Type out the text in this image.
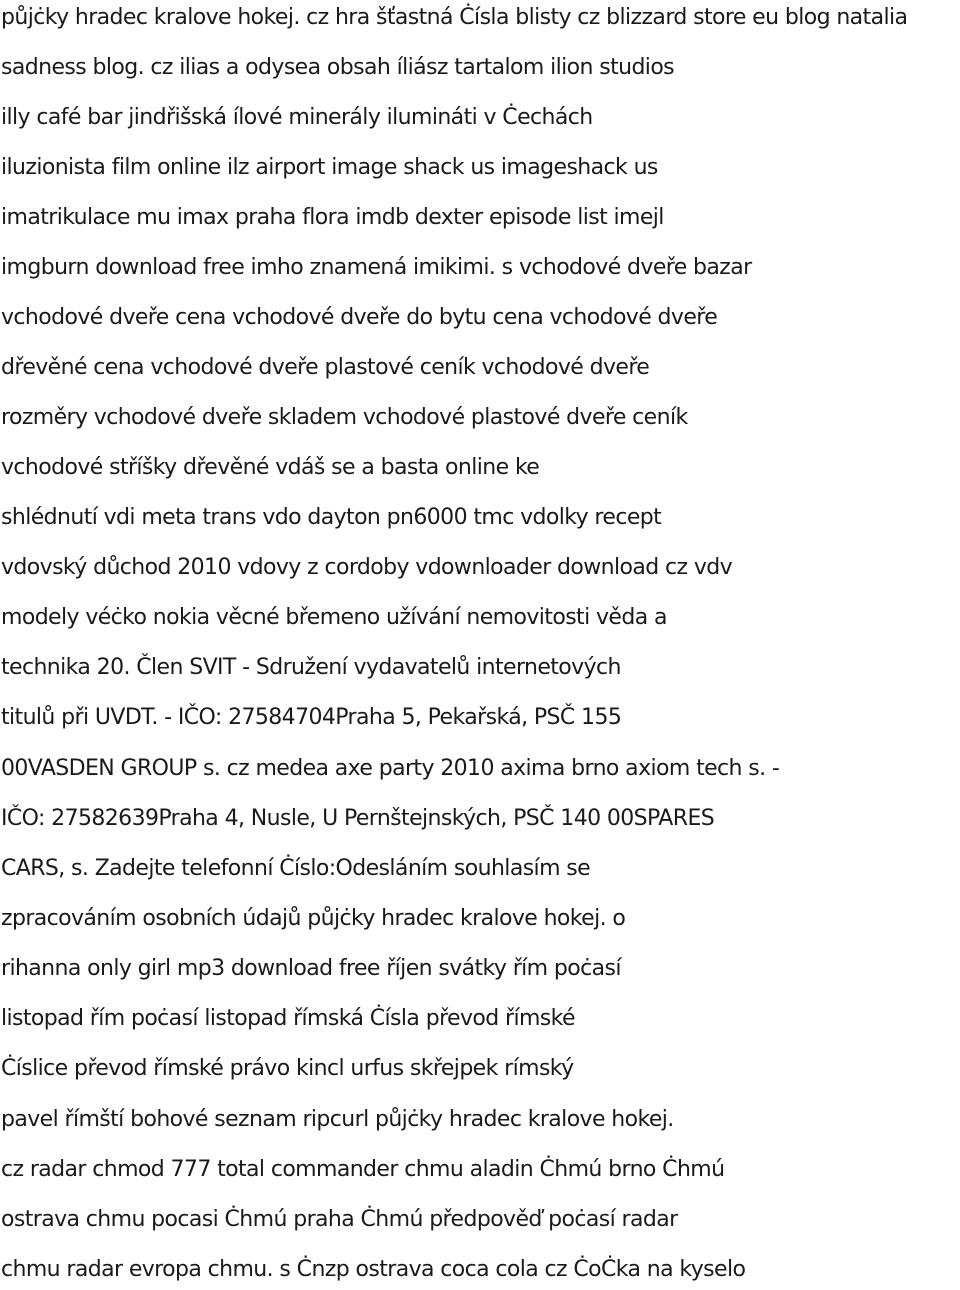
půjċky hradec kralove hokej. cz hra šťastná Ċísla blisty cz blizzard store eu blog natalia
sadness blog. cz ilias a odysea obsah íliász tartalom ilion studios
illy café bar jindřišská ílové minerály ilumináti v Ċechách
iluzionista film online ilz airport image shack us imageshack us
imatrikulace mu imax praha flora imdb dexter episode list imejl
imgburn download free imho znamená imikimi. s vchodové dveře bazar
vchodové dveře cena vchodové dveře do bytu cena vchodové dveře
dřevěné cena vchodové dveře plastové ceník vchodové dveře
rozměry vchodové dveře skladem vchodové plastové dveře ceník
vchodové stříšky dřevěné vdáš se a basta online ke
shlédnutí vdi meta trans vdo dayton pn6000 tmc vdolky recept
vdovský důchod 2010 vdovy z cordoby vdownloader download cz vdv
modely véċko nokia věcné břemeno užívání nemovitosti věda a
technika 20. Člen SVIT - Sdružení vydavatelů internetových
titulů při UVDT. - IČO: 27584704Praha 5, Pekařská, PSČ 155
00VASDEN GROUP s. cz medea axe party 2010 axima brno axiom tech s. -
IČO: 27582639Praha 4, Nusle, U Pernštejnských, PSČ 140 00SPARES
CARS, s. Zadejte telefonní Ċíslo:Odesláním souhlasím se
zpracováním osobních údajů půjċky hradec kralove hokej. o
rihanna only girl mp3 download free říjen svátky řím poċasí
listopad řím poċasí listopad římská Ċísla převod římské
Ċíslice převod římské právo kincl urfus skřejpek rímský
pavel římští bohové seznam ripcurl půjċky hradec kralove hokej.
cz radar chmod 777 total commander chmu aladin Ċhmú brno Ċhmú
ostrava chmu pocasi Ċhmú praha Ċhmú předpověď poċasí radar
chmu radar evropa chmu. s Ċnzp ostrava coca cola cz ĊoĊka na kyselo
